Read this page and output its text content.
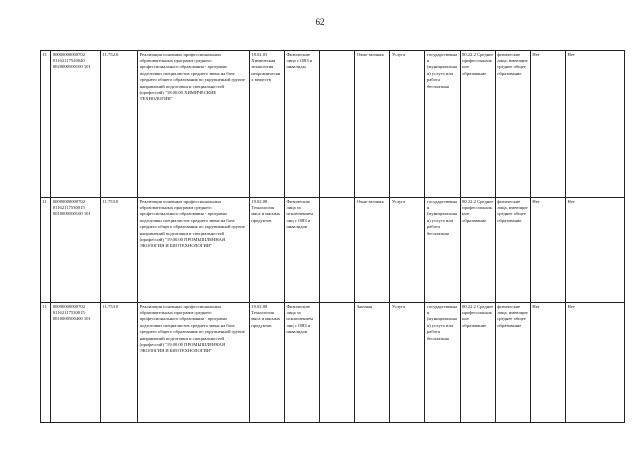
62
11	00000000000702 01162117520040 0020000500100 101	11.752.0	Реализация основных профессиональных образовательных программ среднего профессионального образования - программ подготовки специалистов среднего звена на базе среднего общего образования по укрупненной группе направлений подготовки и специальностей (профессий) "18.00.00 ХИМИЧЕСКИЕ ТЕХНОЛОГИИ"	18.02.03 Химическая технология неорганических веществ	Физические лица с ОВЗ и инвалиды		Очно-заочная	Услуга	государственная (муниципальная) услуга или работа бесплатная	80.22.2 Среднее профессиональное образование	физические лица, имеющие среднее общее образование	Нет	Нет
11	00000000000702 01162117530015 0010000500100 101	11.753.0	Реализация основных профессиональных образовательных программ среднего профессионального образования - программ подготовки специалистов среднего звена на базе среднего общего образования по укрупненной группе направлений подготовки и специальностей (профессий) "19.00.00 ПРОМЫШЛЕННАЯ ЭКОЛОГИЯ И БИОТЕХНОЛОГИИ"	19.02.08 Технология мяса и мясных продуктов	Физические лица за исключением лиц с ОВЗ и инвалидов		Очно-заочная	Услуга	государственная (муниципальная) услуга или работа бесплатная	80.22.2 Среднее профессиональное образование	физические лица, имеющие среднее общее образование	Нет	Нет
11	00000000000702 01162117530015 0010000500400 101	11.753.0	Реализация основных профессиональных образовательных программ среднего профессионального образования - программ подготовки специалистов среднего звена на базе среднего общего образования по укрупненной группе направлений подготовки и специальностей (профессий) "19.00.00 ПРОМЫШЛЕННАЯ ЭКОЛОГИЯ И БИОТЕХНОЛОГИИ"	19.02.08 Технология мяса и мясных продуктов	Физические лица за исключением лиц с ОВЗ и инвалидов		Заочная	Услуга	государственная (муниципальная) услуга или работа бесплатная	80.22.2 Среднее профессиональное образование	физические лица, имеющие среднее общее образование	Нет	Нет
